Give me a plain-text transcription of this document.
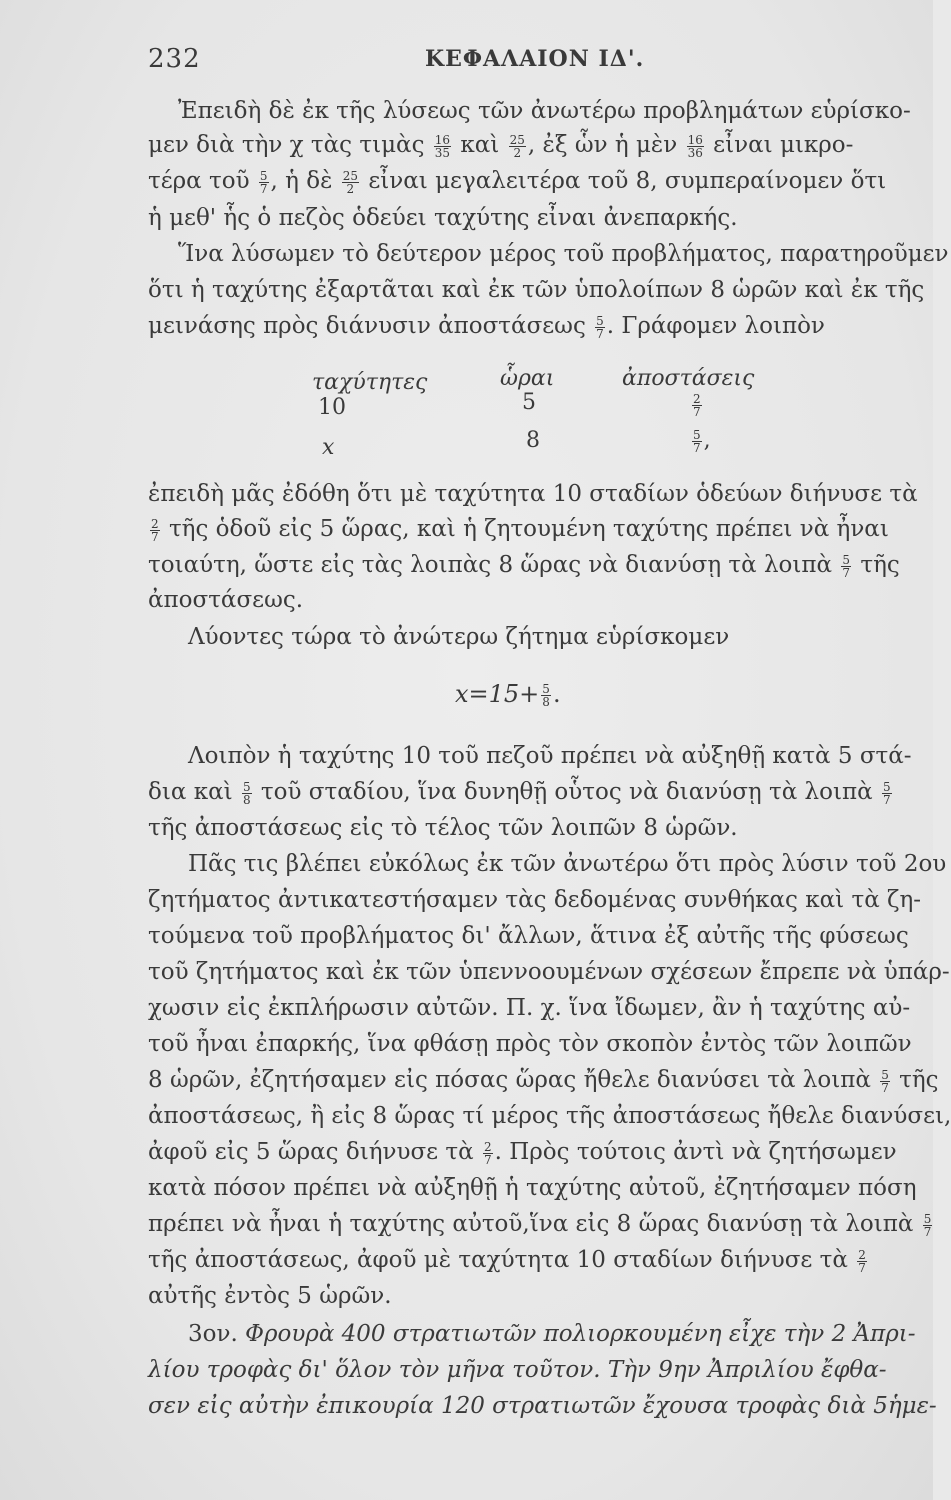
232	ΚΕΦΑΛΑΙΟΝ ΙΔ'.
Ἐπειδὴ δὲ ἐκ τῆς λύσεως τῶν ἀνωτέρω προβλημάτων εὑρίσκο-
μεν διὰ τὴν χ τὰς τιμὰς $\frac{16}{35}$ καὶ $\frac{25}{2}$ , ἐξ ὧν ἡ μὲν $\frac{16}{36}$ εἶναι μικρο-
τέρα τοῦ $\frac{5}{7}$ , ἡ δὲ $\frac{25}{2}$ εἶναι μεγαλειτέρα τοῦ 8, συμπεραίνομεν ὅτι
ἡ μεθ' ἧς ὁ πεζὸς ὁδεύει ταχύτης εἶναι ἀνεπαρκής.
Ἵνα λύσωμεν τὸ δεύτερον μέρος τοῦ προβλήματος, παρατηροῦμεν
ὅτι ἡ ταχύτης ἐξαρτᾶται καὶ ἐκ τῶν ὑπολοίπων 8 ὡρῶν καὶ ἐκ τῆς
μεινάσης πρὸς διάνυσιν ἀποστάσεως $\frac{5}{7}$ . Γράφομεν λοιπὸν
ταχύτητες	ὧραι	ἀποστάσεις
10	5	$\frac{2}{7}$
x	8	$\frac{5}{7}$ ,
ἐπειδὴ μᾶς ἐδόθη ὅτι μὲ ταχύτητα 10 σταδίων ὁδεύων διήνυσε τὰ
$\frac{2}{7}$ τῆς ὁδοῦ εἰς 5 ὥρας, καὶ ἡ ζητουμένη ταχύτης πρέπει νὰ ἦναι
τοιαύτη, ὥστε εἰς τὰς λοιπὰς 8 ὥρας νὰ διανύσῃ τὰ λοιπὰ $\frac{5}{7}$ τῆς
ἀποστάσεως.
Λύοντες τώρα τὸ ἀνώτερω ζήτημα εὑρίσκομεν
$x=15+ \frac{5}{8}$ .
Λοιπὸν ἡ ταχύτης 10 τοῦ πεζοῦ πρέπει νὰ αὐξηθῇ κατὰ 5 στά-
δια καὶ $\frac{5}{8}$ τοῦ σταδίου, ἵνα δυνηθῇ οὗτος νὰ διανύσῃ τὰ λοιπὰ $\frac{5}{7}$
τῆς ἀποστάσεως εἰς τὸ τέλος τῶν λοιπῶν 8 ὡρῶν.
Πᾶς τις βλέπει εὐκόλως ἐκ τῶν ἀνωτέρω ὅτι πρὸς λύσιν τοῦ 2ου
ζητήματος ἀντικατεστήσαμεν τὰς δεδομένας συνθήκας καὶ τὰ ζη-
τούμενα τοῦ προβλήματος δι' ἄλλων, ἅτινα ἐξ αὐτῆς τῆς φύσεως
τοῦ ζητήματος καὶ ἐκ τῶν ὑπεννοουμένων σχέσεων ἔπρεπε νὰ ὑπάρ-
χωσιν εἰς ἐκπλήρωσιν αὐτῶν. Π. χ. ἵνα ἴδωμεν, ἂν ἡ ταχύτης αὐ-
τοῦ ἦναι ἐπαρκής, ἵνα φθάσῃ πρὸς τὸν σκοπὸν ἐντὸς τῶν λοιπῶν
8 ὡρῶν, ἐζητήσαμεν εἰς πόσας ὥρας ἤθελε διανύσει τὰ λοιπὰ $\frac{5}{7}$ τῆς
ἀποστάσεως, ἢ εἰς 8 ὥρας τί μέρος τῆς ἀποστάσεως ἤθελε διανύσει,
ἀφοῦ εἰς 5 ὥρας διήνυσε τὰ $\frac{2}{7}$ . Πρὸς τούτοις ἀντὶ νὰ ζητήσωμεν
κατὰ πόσον πρέπει νὰ αὐξηθῇ ἡ ταχύτης αὐτοῦ, ἐζητήσαμεν πόση
πρέπει νὰ ἦναι ἡ ταχύτης αὐτοῦ,ἵνα εἰς 8 ὥρας διανύσῃ τὰ λοιπὰ $\frac{5}{7}$
τῆς ἀποστάσεως, ἀφοῦ μὲ ταχύτητα 10 σταδίων διήνυσε τὰ $\frac{2}{7}$
αὐτῆς ἐντὸς 5 ὡρῶν.
3ον. Φρουρὰ 400 στρατιωτῶν πολιορκουμένη εἶχε τὴν 2 Ἀπρι-
λίου τροφὰς δι' ὅλον τὸν μῆνα τοῦτον. Τὴν 9ην Ἀπριλίου ἔφθα-
σεν εἰς αὐτὴν ἐπικουρία 120 στρατιωτῶν ἔχουσα τροφὰς διὰ 5ἡμε-
